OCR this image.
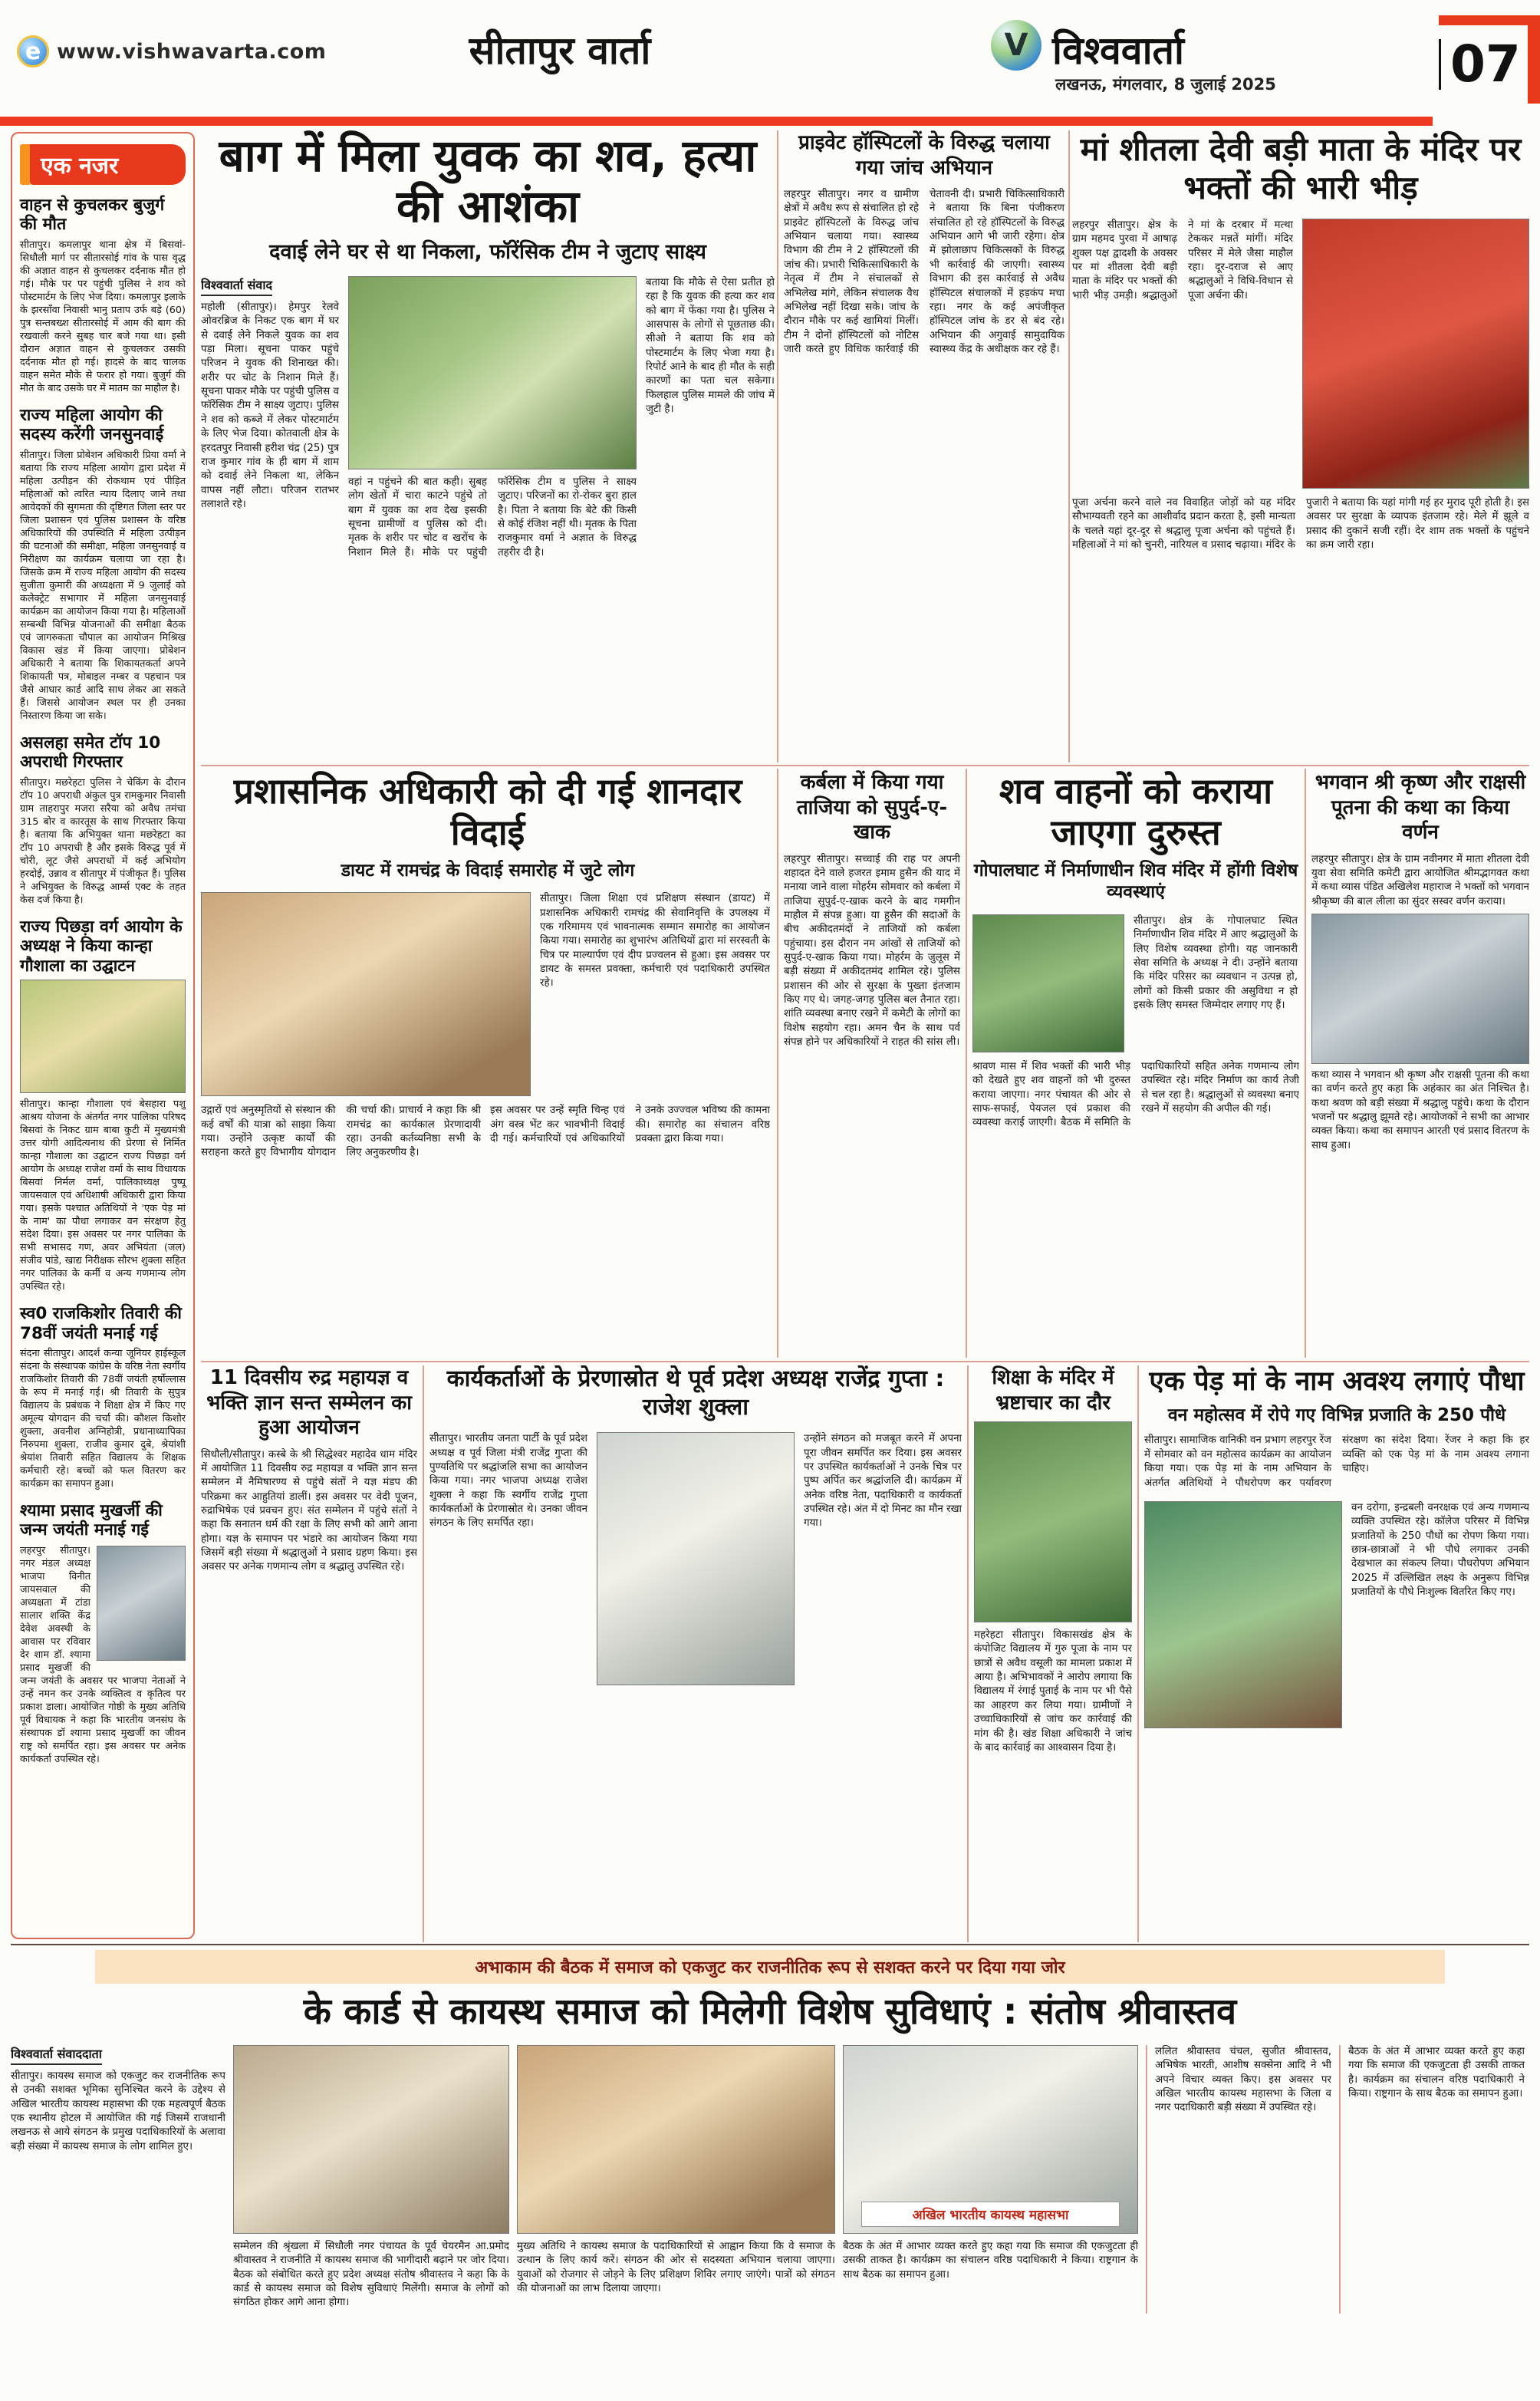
e www.vishwavarta.com	सीतापुर वार्ता	V विश्ववार्ता
लखनऊ, मंगलवार, 8 जुलाई 2025	07
एक नजर
वाहन से कुचलकर बुजुर्ग की मौत

सीतापुर। कमलापुर थाना क्षेत्र में बिसवां-सिधौली मार्ग पर सीतारसोई गांव के पास वृद्ध की अज्ञात वाहन से कुचलकर दर्दनाक मौत हो गई। मौके पर पर पहुंची पुलिस ने शव को पोस्टमार्टम के लिए भेज दिया। कमलापुर इलाके के झरसाँवा निवासी भानु प्रताप उर्फ बड़े (60) पुत्र सन्तबख्श सीतारसोई में आम की बाग की रखवाली करने सुबह चार बजे गया था। इसी दौरान अज्ञात वाहन से कुचलकर उसकी दर्दनाक मौत हो गई। हादसे के बाद चालक वाहन समेत मौके से फरार हो गया। बुजुर्ग की मौत के बाद उसके घर में मातम का माहौल है।

राज्य महिला आयोग की सदस्य करेंगी जनसुनवाई

सीतापुर। जिला प्रोबेशन अधिकारी प्रिया वर्मा ने बताया कि राज्य महिला आयोग द्वारा प्रदेश में महिला उत्पीड़न की रोकथाम एवं पीड़ित महिलाओं को त्वरित न्याय दिलाए जाने तथा आवेदकों की सुगमता की दृष्टिगत जिला स्तर पर जिला प्रशासन एवं पुलिस प्रशासन के वरिष्ठ अधिकारियों की उपस्थिति में महिला उत्पीड़न की घटनाओं की समीक्षा, महिला जनसुनवाई व निरीक्षण का कार्यक्रम चलाया जा रहा है। जिसके क्रम में राज्य महिला आयोग की सदस्य सुजीता कुमारी की अध्यक्षता में 9 जुलाई को कलेक्ट्रेट सभागार में महिला जनसुनवाई कार्यक्रम का आयोजन किया गया है। महिलाओं सम्बन्धी विभिन्न योजनाओं की समीक्षा बैठक एवं जागरुकता चौपाल का आयोजन मिश्रिख विकास खंड में किया जाएगा। प्रोबेशन अधिकारी ने बताया कि शिकायतकर्ता अपने शिकायती पत्र, मोबाइल नम्बर व पहचान पत्र जैसे आधार कार्ड आदि साथ लेकर आ सकते हैं। जिससे आयोजन स्थल पर ही उनका निस्तारण किया जा सके।

असलहा समेत टॉप 10 अपराधी गिरफ्तार

सीतापुर। मछरेहटा पुलिस ने चेकिंग के दौरान टॉप 10 अपराधी अंकुल पुत्र रामकुमार निवासी ग्राम ताहरापुर मजरा सरैया को अवैध तमंचा 315 बोर व कारतूस के साथ गिरफ्तार किया है। बताया कि अभियुक्त थाना मछरेहटा का टॉप 10 अपराधी है और इसके विरुद्ध पूर्व में चोरी, लूट जैसे अपराधों में कई अभियोग हरदोई, उन्नाव व सीतापुर में पंजीकृत हैं। पुलिस ने अभियुक्त के विरुद्ध आर्म्स एक्ट के तहत केस दर्ज किया है।

राज्य पिछड़ा वर्ग आयोग के अध्यक्ष ने किया कान्हा गौशाला का उद्घाटन

सीतापुर। कान्हा गौशाला एवं बेसहारा पशु आश्रय योजना के अंतर्गत नगर पालिका परिषद बिसवां के निकट ग्राम बाबा कुटी में मुख्यमंत्री उत्तर योगी आदित्यनाथ की प्रेरणा से निर्मित कान्हा गौशाला का उद्घाटन राज्य पिछड़ा वर्ग आयोग के अध्यक्ष राजेश वर्मा के साथ विधायक बिसवां निर्मल वर्मा, पालिकाध्यक्ष पुष्पू जायसवाल एवं अधिशाषी अधिकारी द्वारा किया गया। इसके पश्चात अतिथियों ने 'एक पेड़ मां के नाम' का पौधा लगाकर वन संरक्षण हेतु संदेश दिया। इस अवसर पर नगर पालिका के सभी सभासद गण, अवर अभियंता (जल) संजीव पांडे, खाद्य निरीक्षक सौरभ शुक्ला सहित नगर पालिका के कर्मी व अन्य गणमान्य लोग उपस्थित रहे।

स्व0 राजकिशोर तिवारी की 78वीं जयंती मनाई गई

संदना सीतापुर। आदर्श कन्या जूनियर हाईस्कूल संदना के संस्थापक कांग्रेस के वरिष्ठ नेता स्वर्गीय राजकिशोर तिवारी की 78वीं जयंती हर्षोल्लास के रूप में मनाई गई। श्री तिवारी के सुपुत्र विद्यालय के प्रबंधक ने शिक्षा क्षेत्र में किए गए अमूल्य योगदान की चर्चा की। कौशल किशोर शुक्ला, अवनीश अग्निहोत्री, प्रधानाध्यापिका निरुपमा शुक्ला, राजीव कुमार दुबे, श्रेयांशी श्रेयांश तिवारी सहित विद्यालय के शिक्षक कर्मचारी रहे। बच्चों को फल वितरण कर कार्यक्रम का समापन हुआ।

श्यामा प्रसाद मुखर्जी की जन्म जयंती मनाई गई

लहरपुर सीतापुर। नगर मंडल अध्यक्ष भाजपा विनीत जायसवाल की अध्यक्षता में टांडा सालार शक्ति केंद्र देवेश अवस्थी के आवास पर रविवार देर शाम डॉ. श्यामा प्रसाद मुखर्जी की जन्म जयंती के अवसर पर भाजपा नेताओं ने उन्हें नमन कर उनके व्यक्तित्व व कृतित्व पर प्रकाश डाला। आयोजित गोष्ठी के मुख्य अतिथि पूर्व विधायक ने कहा कि भारतीय जनसंघ के संस्थापक डॉ श्यामा प्रसाद मुखर्जी का जीवन राष्ट्र को समर्पित रहा। इस अवसर पर अनेक कार्यकर्ता उपस्थित रहे।

बाग में मिला युवक का शव, हत्या की आशंका
दवाई लेने घर से था निकला, फॉरेंसिक टीम ने जुटाए साक्ष्य
विश्ववार्ता संवाद

महोली (सीतापुर)। हेमपुर रेलवे ओवरब्रिज के निकट एक बाग में घर से दवाई लेने निकले युवक का शव पड़ा मिला। सूचना पाकर पहुंचे परिजन ने युवक की शिनाख्त की। शरीर पर चोट के निशान मिले हैं। सूचना पाकर मौके पर पहुंची पुलिस व फॉरेंसिक टीम ने साक्ष्य जुटाए। पुलिस ने शव को कब्जे में लेकर पोस्टमार्टम के लिए भेज दिया। कोतवाली क्षेत्र के हरदतपुर निवासी हरीश चंद्र (25) पुत्र राज कुमार गांव के ही बाग में शाम को दवाई लेने निकला था, लेकिन वापस नहीं लौटा। परिजन रातभर तलाशते रहे।

वहां न पहुंचने की बात कही। सुबह लोग खेतों में चारा काटने पहुंचे तो बाग में युवक का शव देख इसकी सूचना ग्रामीणों व पुलिस को दी। मृतक के शरीर पर चोट व खरोंच के निशान मिले हैं। मौके पर पहुंची फॉरेंसिक टीम व पुलिस ने साक्ष्य जुटाए। परिजनों का रो-रोकर बुरा हाल है। पिता ने बताया कि बेटे की किसी से कोई रंजिश नहीं थी। मृतक के पिता राजकुमार वर्मा ने अज्ञात के विरुद्ध तहरीर दी है।

बताया कि मौके से ऐसा प्रतीत हो रहा है कि युवक की हत्या कर शव को बाग में फेंका गया है। पुलिस ने आसपास के लोगों से पूछताछ की। सीओ ने बताया कि शव को पोस्टमार्टम के लिए भेजा गया है। रिपोर्ट आने के बाद ही मौत के सही कारणों का पता चल सकेगा। फिलहाल पुलिस मामले की जांच में जुटी है।

प्राइवेट हॉस्पिटलों के विरुद्ध चलाया गया जांच अभियान

लहरपुर सीतापुर। नगर व ग्रामीण क्षेत्रों में अवैध रूप से संचालित हो रहे प्राइवेट हॉस्पिटलों के विरुद्ध जांच अभियान चलाया गया। स्वास्थ्य विभाग की टीम ने 2 हॉस्पिटलों की जांच की। प्रभारी चिकित्साधिकारी के नेतृत्व में टीम ने संचालकों से अभिलेख मांगे, लेकिन संचालक वैध अभिलेख नहीं दिखा सके। जांच के दौरान मौके पर कई खामियां मिलीं। टीम ने दोनों हॉस्पिटलों को नोटिस जारी करते हुए विधिक कार्रवाई की चेतावनी दी। प्रभारी चिकित्साधिकारी ने बताया कि बिना पंजीकरण संचालित हो रहे हॉस्पिटलों के विरुद्ध अभियान आगे भी जारी रहेगा। क्षेत्र में झोलाछाप चिकित्सकों के विरुद्ध भी कार्रवाई की जाएगी। स्वास्थ्य विभाग की इस कार्रवाई से अवैध हॉस्पिटल संचालकों में हड़कंप मचा रहा। नगर के कई अपंजीकृत हॉस्पिटल जांच के डर से बंद रहे। अभियान की अगुवाई सामुदायिक स्वास्थ्य केंद्र के अधीक्षक कर रहे हैं।

मां शीतला देवी बड़ी माता के मंदिर पर भक्तों की भारी भीड़

लहरपुर सीतापुर। क्षेत्र के ग्राम महमद पुरवा में आषाढ़ शुक्ल पक्ष द्वादशी के अवसर पर मां शीतला देवी बड़ी माता के मंदिर पर भक्तों की भारी भीड़ उमड़ी। श्रद्धालुओं ने मां के दरबार में मत्था टेककर मन्नतें मांगीं। मंदिर परिसर में मेले जैसा माहौल रहा। दूर-दराज से आए श्रद्धालुओं ने विधि-विधान से पूजा अर्चना की।

पूजा अर्चना करने वाले नव विवाहित जोड़ों को यह मंदिर सौभाग्यवती रहने का आशीर्वाद प्रदान करता है, इसी मान्यता के चलते यहां दूर-दूर से श्रद्धालु पूजा अर्चना को पहुंचते हैं। महिलाओं ने मां को चुनरी, नारियल व प्रसाद चढ़ाया। मंदिर के पुजारी ने बताया कि यहां मांगी गई हर मुराद पूरी होती है। इस अवसर पर सुरक्षा के व्यापक इंतजाम रहे। मेले में झूले व प्रसाद की दुकानें सजी रहीं। देर शाम तक भक्तों के पहुंचने का क्रम जारी रहा।

प्रशासनिक अधिकारी को दी गई शानदार विदाई
डायट में रामचंद्र के विदाई समारोह में जुटे लोग

सीतापुर। जिला शिक्षा एवं प्रशिक्षण संस्थान (डायट) में प्रशासनिक अधिकारी रामचंद्र की सेवानिवृत्ति के उपलक्ष्य में एक गरिमामय एवं भावनात्मक सम्मान समारोह का आयोजन किया गया। समारोह का शुभारंभ अतिथियों द्वारा मां सरस्वती के चित्र पर माल्यार्पण एवं दीप प्रज्वलन से हुआ। इस अवसर पर डायट के समस्त प्रवक्ता, कर्मचारी एवं पदाधिकारी उपस्थित रहे।

उद्गारों एवं अनुस्मृतियों से संस्थान की कई वर्षों की यात्रा को साझा किया गया। उन्होंने उत्कृष्ट कार्यों की सराहना करते हुए विभागीय योगदान की चर्चा की। प्राचार्य ने कहा कि श्री रामचंद्र का कार्यकाल प्रेरणादायी रहा। उनकी कर्तव्यनिष्ठा सभी के लिए अनुकरणीय है।

इस अवसर पर उन्हें स्मृति चिन्ह एवं अंग वस्त्र भेंट कर भावभीनी विदाई दी गई। कर्मचारियों एवं अधिकारियों ने उनके उज्ज्वल भविष्य की कामना की। समारोह का संचालन वरिष्ठ प्रवक्ता द्वारा किया गया।

कर्बला में किया गया ताजिया को सुपुर्द-ए-खाक

लहरपुर सीतापुर। सच्चाई की राह पर अपनी शहादत देने वाले हजरत इमाम हुसैन की याद में मनाया जाने वाला मोहर्रम सोमवार को कर्बला में ताजिया सुपुर्द-ए-खाक करने के बाद गमगीन माहौल में संपन्न हुआ। या हुसैन की सदाओं के बीच अकीदतमंदों ने ताजियों को कर्बला पहुंचाया। इस दौरान नम आंखों से ताजियों को सुपुर्द-ए-खाक किया गया। मोहर्रम के जुलूस में बड़ी संख्या में अकीदतमंद शामिल रहे। पुलिस प्रशासन की ओर से सुरक्षा के पुख्ता इंतजाम किए गए थे। जगह-जगह पुलिस बल तैनात रहा। शांति व्यवस्था बनाए रखने में कमेटी के लोगों का विशेष सहयोग रहा। अमन चैन के साथ पर्व संपन्न होने पर अधिकारियों ने राहत की सांस ली।

शव वाहनों को कराया जाएगा दुरुस्त
गोपालघाट में निर्माणाधीन शिव मंदिर में होंगी विशेष व्यवस्थाएं

सीतापुर। क्षेत्र के गोपालघाट स्थित निर्माणाधीन शिव मंदिर में आए श्रद्धालुओं के लिए विशेष व्यवस्था होगी। यह जानकारी सेवा समिति के अध्यक्ष ने दी। उन्होंने बताया कि मंदिर परिसर का व्यवधान न उत्पन्न हो, लोगों को किसी प्रकार की असुविधा न हो इसके लिए समस्त जिम्मेदार लगाए गए हैं।

श्रावण मास में शिव भक्तों की भारी भीड़ को देखते हुए शव वाहनों को भी दुरुस्त कराया जाएगा। नगर पंचायत की ओर से साफ-सफाई, पेयजल एवं प्रकाश की व्यवस्था कराई जाएगी। बैठक में समिति के पदाधिकारियों सहित अनेक गणमान्य लोग उपस्थित रहे। मंदिर निर्माण का कार्य तेजी से चल रहा है। श्रद्धालुओं से व्यवस्था बनाए रखने में सहयोग की अपील की गई।

भगवान श्री कृष्ण और राक्षसी पूतना की कथा का किया वर्णन

लहरपुर सीतापुर। क्षेत्र के ग्राम नवीनगर में माता शीतला देवी युवा सेवा समिति कमेटी द्वारा आयोजित श्रीमद्भागवत कथा में कथा व्यास पंडित अखिलेश महाराज ने भक्तों को भगवान श्रीकृष्ण की बाल लीला का सुंदर सस्वर वर्णन कराया।

कथा व्यास ने भगवान श्री कृष्ण और राक्षसी पूतना की कथा का वर्णन करते हुए कहा कि अहंकार का अंत निश्चित है। कथा श्रवण को बड़ी संख्या में श्रद्धालु पहुंचे। कथा के दौरान भजनों पर श्रद्धालु झूमते रहे। आयोजकों ने सभी का आभार व्यक्त किया। कथा का समापन आरती एवं प्रसाद वितरण के साथ हुआ।

11 दिवसीय रुद्र महायज्ञ व भक्ति ज्ञान सन्त सम्मेलन का हुआ आयोजन

सिधौली/सीतापुर। कस्बे के श्री सिद्धेश्वर महादेव धाम मंदिर में आयोजित 11 दिवसीय रुद्र महायज्ञ व भक्ति ज्ञान सन्त सम्मेलन में नैमिषारण्य से पहुंचे संतों ने यज्ञ मंडप की परिक्रमा कर आहुतियां डालीं। इस अवसर पर वेदी पूजन, रुद्राभिषेक एवं प्रवचन हुए। संत सम्मेलन में पहुंचे संतों ने कहा कि सनातन धर्म की रक्षा के लिए सभी को आगे आना होगा। यज्ञ के समापन पर भंडारे का आयोजन किया गया जिसमें बड़ी संख्या में श्रद्धालुओं ने प्रसाद ग्रहण किया। इस अवसर पर अनेक गणमान्य लोग व श्रद्धालु उपस्थित रहे।

कार्यकर्ताओं के प्रेरणास्रोत थे पूर्व प्रदेश अध्यक्ष राजेंद्र गुप्ता : राजेश शुक्ला

सीतापुर। भारतीय जनता पार्टी के पूर्व प्रदेश अध्यक्ष व पूर्व जिला मंत्री राजेंद्र गुप्ता की पुण्यतिथि पर श्रद्धांजलि सभा का आयोजन किया गया। नगर भाजपा अध्यक्ष राजेश शुक्ला ने कहा कि स्वर्गीय राजेंद्र गुप्ता कार्यकर्ताओं के प्रेरणास्रोत थे। उनका जीवन संगठन के लिए समर्पित रहा।

उन्होंने संगठन को मजबूत करने में अपना पूरा जीवन समर्पित कर दिया। इस अवसर पर उपस्थित कार्यकर्ताओं ने उनके चित्र पर पुष्प अर्पित कर श्रद्धांजलि दी। कार्यक्रम में अनेक वरिष्ठ नेता, पदाधिकारी व कार्यकर्ता उपस्थित रहे। अंत में दो मिनट का मौन रखा गया।

शिक्षा के मंदिर में भ्रष्टाचार का दौर

महरेहटा सीतापुर। विकासखंड क्षेत्र के कंपोजिट विद्यालय में गुरु पूजा के नाम पर छात्रों से अवैध वसूली का मामला प्रकाश में आया है। अभिभावकों ने आरोप लगाया कि विद्यालय में रंगाई पुताई के नाम पर भी पैसे का आहरण कर लिया गया। ग्रामीणों ने उच्चाधिकारियों से जांच कर कार्रवाई की मांग की है। खंड शिक्षा अधिकारी ने जांच के बाद कार्रवाई का आश्वासन दिया है।

एक पेड़ मां के नाम अवश्य लगाएं पौधा
वन महोत्सव में रोपे गए विभिन्न प्रजाति के 250 पौधे

सीतापुर। सामाजिक वानिकी वन प्रभाग लहरपुर रेंज में सोमवार को वन महोत्सव कार्यक्रम का आयोजन किया गया। एक पेड़ मां के नाम अभियान के अंतर्गत अतिथियों ने पौधरोपण कर पर्यावरण संरक्षण का संदेश दिया। रेंजर ने कहा कि हर व्यक्ति को एक पेड़ मां के नाम अवश्य लगाना चाहिए।

वन दरोगा, इन्द्रबली वनरक्षक एवं अन्य गणमान्य व्यक्ति उपस्थित रहे। कॉलेज परिसर में विभिन्न प्रजातियों के 250 पौधों का रोपण किया गया। छात्र-छात्राओं ने भी पौधे लगाकर उनकी देखभाल का संकल्प लिया। पौधरोपण अभियान 2025 में उल्लिखित लक्ष्य के अनुरूप विभिन्न प्रजातियों के पौधे निःशुल्क वितरित किए गए।

अभाकाम की बैठक में समाज को एकजुट कर राजनीतिक रूप से सशक्त करने पर दिया गया जोर
के कार्ड से कायस्थ समाज को मिलेगी विशेष सुविधाएं : संतोष श्रीवास्तव
विश्ववार्ता संवाददाता

सीतापुर। कायस्थ समाज को एकजुट कर राजनीतिक रूप से उनकी सशक्त भूमिका सुनिश्चित करने के उद्देश्य से अखिल भारतीय कायस्थ महासभा की एक महत्वपूर्ण बैठक एक स्थानीय होटल में आयोजित की गई जिसमें राजधानी लखनऊ से आये संगठन के प्रमुख पदाधिकारियों के अलावा बड़ी संख्या में कायस्थ समाज के लोग शामिल हुए।

सम्मेलन की श्रृंखला में सिधौली नगर पंचायत के पूर्व चेयरमैन आ.प्रमोद श्रीवास्तव ने राजनीति में कायस्थ समाज की भागीदारी बढ़ाने पर जोर दिया। बैठक को संबोधित करते हुए प्रदेश अध्यक्ष संतोष श्रीवास्तव ने कहा कि के कार्ड से कायस्थ समाज को विशेष सुविधाएं मिलेंगी। समाज के लोगों को संगठित होकर आगे आना होगा।

मुख्य अतिथि ने कायस्थ समाज के पदाधिकारियों से आह्वान किया कि वे समाज के उत्थान के लिए कार्य करें। संगठन की ओर से सदस्यता अभियान चलाया जाएगा। युवाओं को रोजगार से जोड़ने के लिए प्रशिक्षण शिविर लगाए जाएंगे। पात्रों को संगठन की योजनाओं का लाभ दिलाया जाएगा।

अखिल भारतीय कायस्थ महासभा

बैठक के अंत में आभार व्यक्त करते हुए कहा गया कि समाज की एकजुटता ही उसकी ताकत है। कार्यक्रम का संचालन वरिष्ठ पदाधिकारी ने किया। राष्ट्रगान के साथ बैठक का समापन हुआ।

ललित श्रीवास्तव चंचल, सुजीत श्रीवास्तव, अभिषेक भारती, आशीष सक्सेना आदि ने भी अपने विचार व्यक्त किए। इस अवसर पर अखिल भारतीय कायस्थ महासभा के जिला व नगर पदाधिकारी बड़ी संख्या में उपस्थित रहे।

बैठक के अंत में आभार व्यक्त करते हुए कहा गया कि समाज की एकजुटता ही उसकी ताकत है। कार्यक्रम का संचालन वरिष्ठ पदाधिकारी ने किया। राष्ट्रगान के साथ बैठक का समापन हुआ।
